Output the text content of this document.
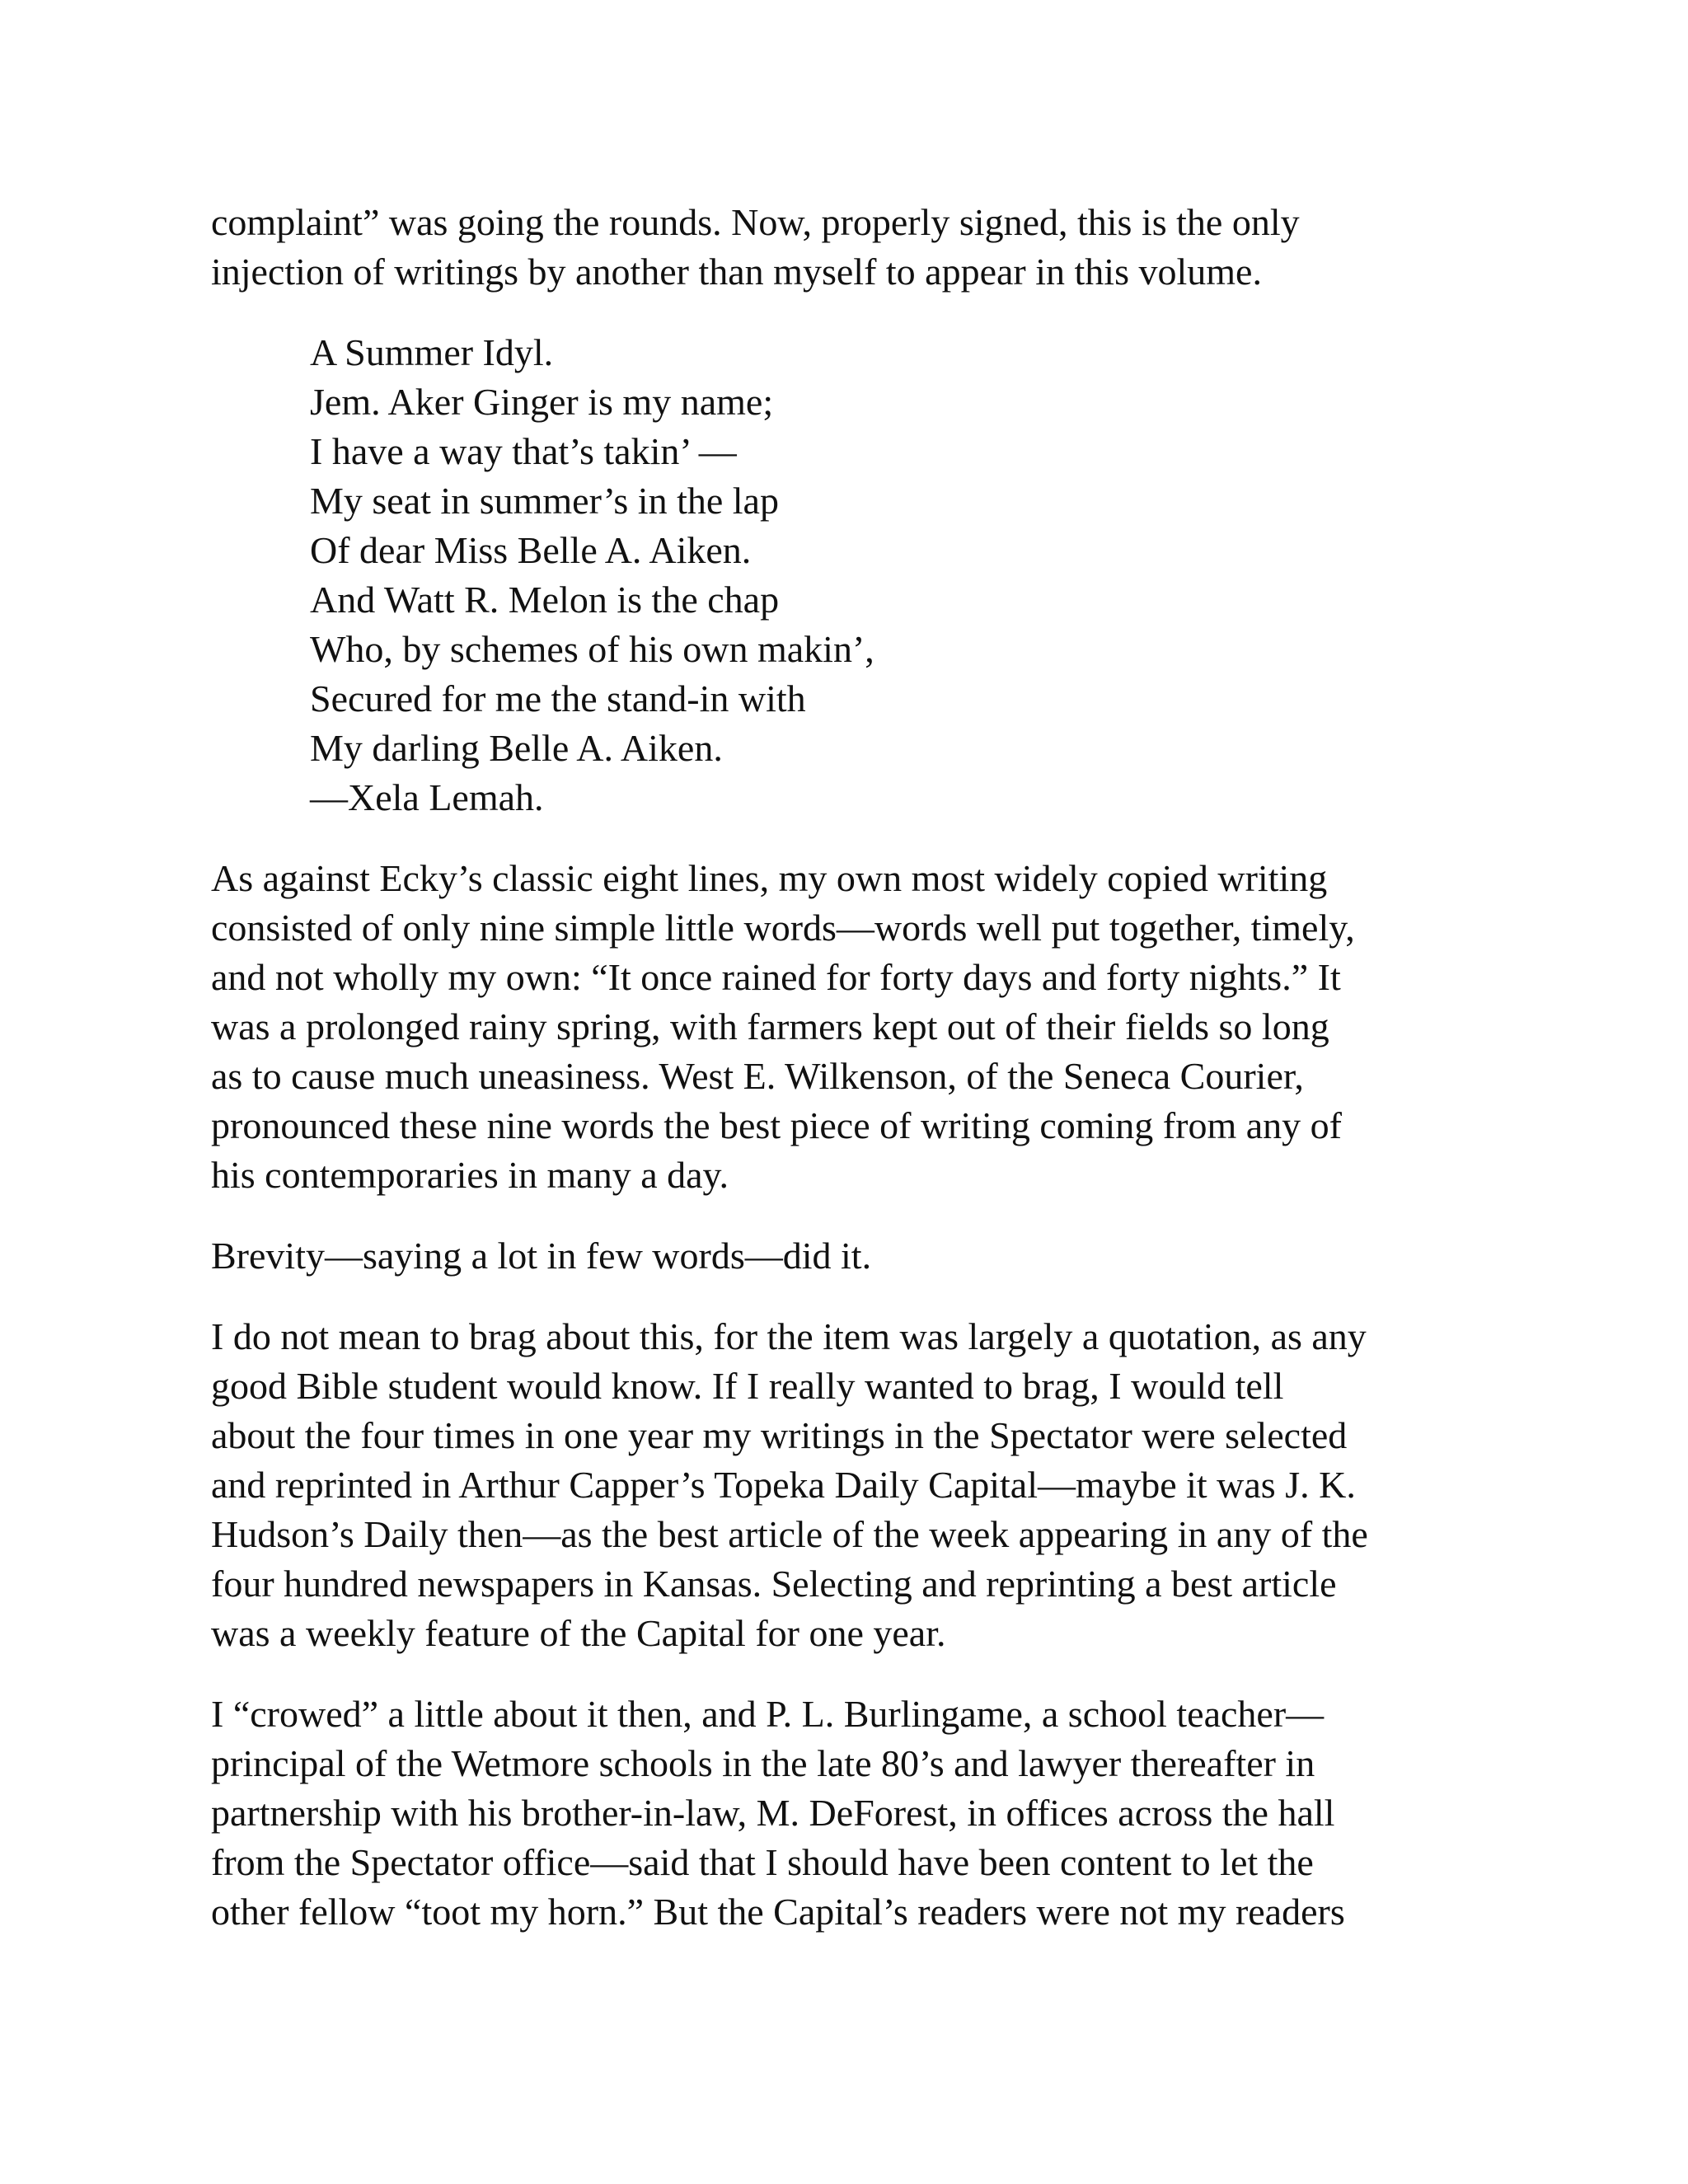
complaint” was going the rounds. Now, properly signed, this is the only
injection of writings by another than myself to appear in this volume.

A Summer Idyl.
Jem. Aker Ginger is my name;
I have a way that’s takin’ —
My seat in summer’s in the lap
Of dear Miss Belle A. Aiken.
And Watt R. Melon is the chap
Who, by schemes of his own makin’,
Secured for me the stand-in with
My darling Belle A. Aiken.
—Xela Lemah.

As against Ecky’s classic eight lines, my own most widely copied writing
consisted of only nine simple little words—words well put together, timely,
and not wholly my own: “It once rained for forty days and forty nights.” It
was a prolonged rainy spring, with farmers kept out of their fields so long
as to cause much uneasiness. West E. Wilkenson, of the Seneca Courier,
pronounced these nine words the best piece of writing coming from any of
his contemporaries in many a day.

Brevity—saying a lot in few words—did it.

I do not mean to brag about this, for the item was largely a quotation, as any
good Bible student would know. If I really wanted to brag, I would tell
about the four times in one year my writings in the Spectator were selected
and reprinted in Arthur Capper’s Topeka Daily Capital—maybe it was J. K.
Hudson’s Daily then—as the best article of the week appearing in any of the
four hundred newspapers in Kansas. Selecting and reprinting a best article
was a weekly feature of the Capital for one year.

I “crowed” a little about it then, and P. L. Burlingame, a school teacher—
principal of the Wetmore schools in the late 80’s and lawyer thereafter in
partnership with his brother-in-law, M. DeForest, in offices across the hall
from the Spectator office—said that I should have been content to let the
other fellow “toot my horn.” But the Capital’s readers were not my readers
